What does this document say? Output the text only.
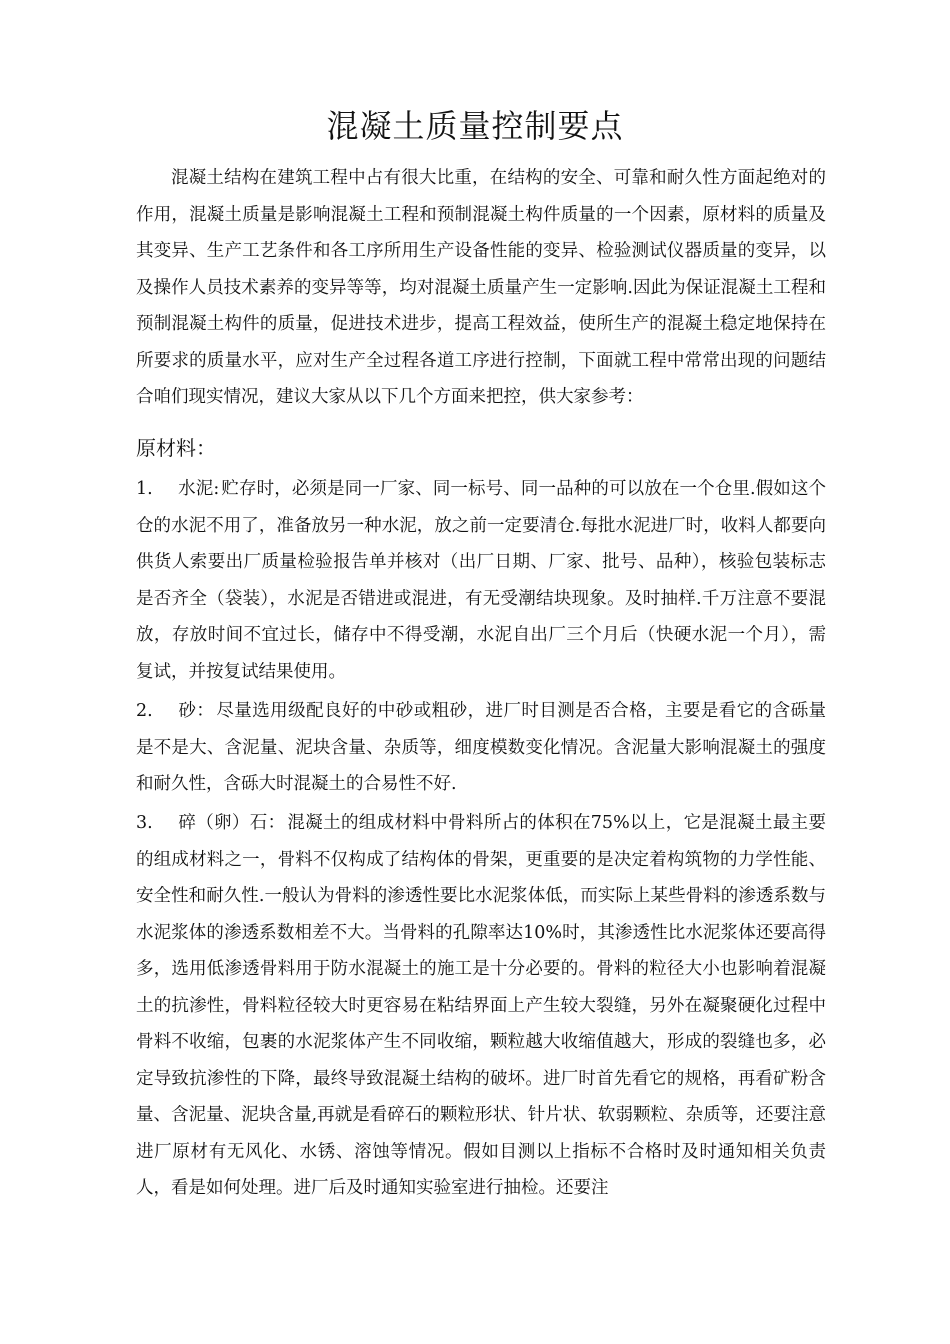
混凝土质量控制要点
混凝土结构在建筑工程中占有很大比重，在结构的安全、可靠和耐久性方面起绝对的作用，混凝土质量是影响混凝土工程和预制混凝土构件质量的一个因素，原材料的质量及其变异、生产工艺条件和各工序所用生产设备性能的变异、检验测试仪器质量的变异，以及操作人员技术素养的变异等等，均对混凝土质量产生一定影响.因此为保证混凝土工程和预制混凝土构件的质量，促进技术进步，提高工程效益，使所生产的混凝土稳定地保持在所要求的质量水平，应对生产全过程各道工序进行控制，下面就工程中常常出现的问题结合咱们现实情况，建议大家从以下几个方面来把控，供大家参考：
原材料：
1. 水泥: 贮存时，必须是同一厂家、同一标号、同一品种的可以放在一个仓里.假如这个仓的水泥不用了，准备放另一种水泥，放之前一定要清仓.每批水泥进厂时，收料人都要向供货人索要出厂质量检验报告单并核对（出厂日期、厂家、批号、品种），核验包装标志是否齐全（袋装），水泥是否错进或混进，有无受潮结块现象。及时抽样.千万注意不要混放，存放时间不宜过长，储存中不得受潮，水泥自出厂三个月后（快硬水泥一个月），需复试，并按复试结果使用。
2. 砂： 尽量选用级配良好的中砂或粗砂，进厂时目测是否合格，主要是看它的含砾量是不是大、含泥量、泥块含量、杂质等，细度模数变化情况。含泥量大影响混凝土的强度和耐久性，含砾大时混凝土的合易性不好.
3. 碎（卵）石： 混凝土的组成材料中骨料所占的体积在75%以上，它是混凝土最主要的组成材料之一，骨料不仅构成了结构体的骨架，更重要的是决定着构筑物的力学性能、安全性和耐久性.一般认为骨料的渗透性要比水泥浆体低，而实际上某些骨料的渗透系数与水泥浆体的渗透系数相差不大。当骨料的孔隙率达10%时，其渗透性比水泥浆体还要高得多，选用低渗透骨料用于防水混凝土的施工是十分必要的。骨料的粒径大小也影响着混凝土的抗渗性，骨料粒径较大时更容易在粘结界面上产生较大裂缝，另外在凝聚硬化过程中骨料不收缩，包裹的水泥浆体产生不同收缩，颗粒越大收缩值越大，形成的裂缝也多，必定导致抗渗性的下降，最终导致混凝土结构的破坏。进厂时首先看它的规格，再看矿粉含量、含泥量、泥块含量,再就是看碎石的颗粒形状、针片状、软弱颗粒、杂质等，还要注意进厂原材有无风化、水锈、溶蚀等情况。假如目测以上指标不合格时及时通知相关负责人，看是如何处理。进厂后及时通知实验室进行抽检。还要注
